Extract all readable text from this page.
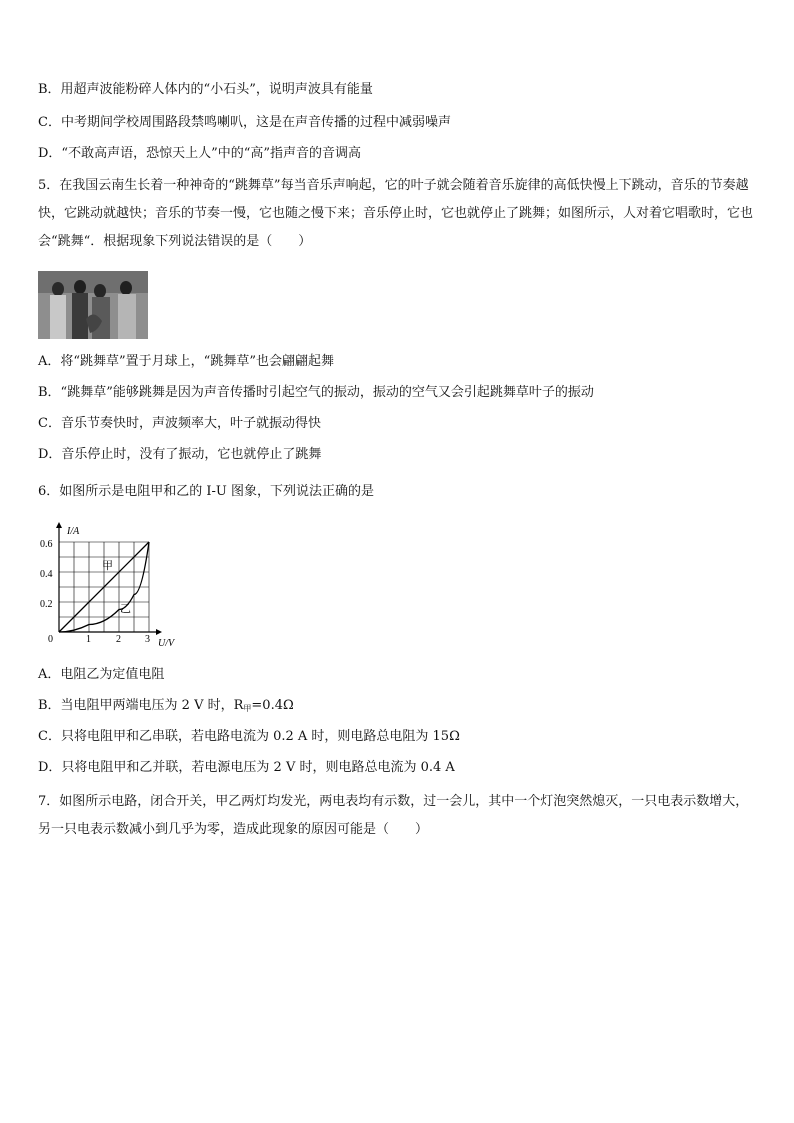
B．用超声波能粉碎人体内的“小石头”，说明声波具有能量
C．中考期间学校周围路段禁鸣喇叭，这是在声音传播的过程中减弱噪声
D．“不敢高声语，恐惊天上人”中的“高”指声音的音调高
5．在我国云南生长着一种神奇的“跳舞草”每当音乐声响起，它的叶子就会随着音乐旋律的高低快慢上下跳动，音乐的节奏越快，它跳动就越快；音乐的节奏一慢，它也随之慢下来；音乐停止时，它也就停止了跳舞；如图所示，人对着它唱歌时，它也会“跳舞“．根据现象下列说法错误的是（　　）
A．将“跳舞草”置于月球上，“跳舞草”也会翩翩起舞
B．“跳舞草”能够跳舞是因为声音传播时引起空气的振动，振动的空气又会引起跳舞草叶子的振动
C．音乐节奏快时，声波频率大，叶子就振动得快
D．音乐停止时，没有了振动，它也就停止了跳舞
6．如图所示是电阻甲和乙的 I-U 图象，下列说法正确的是
I/A
U/V
0.6
0.4
0.2
0	1	2 3
甲
乙
A．电阻乙为定值电阻
B．当电阻甲两端电压为 2 V 时，$R_甲=0.4\Omega$
C．只将电阻甲和乙串联，若电路电流为 0.2 A 时，则电路总电阻为 15Ω
D．只将电阻甲和乙并联，若电源电压为 2 V 时，则电路总电流为 0.4 A
7．如图所示电路，闭合开关，甲乙两灯均发光，两电表均有示数，过一会儿，其中一个灯泡突然熄灭，一只电表示数增大，另一只电表示数减小到几乎为零，造成此现象的原因可能是（　　）
